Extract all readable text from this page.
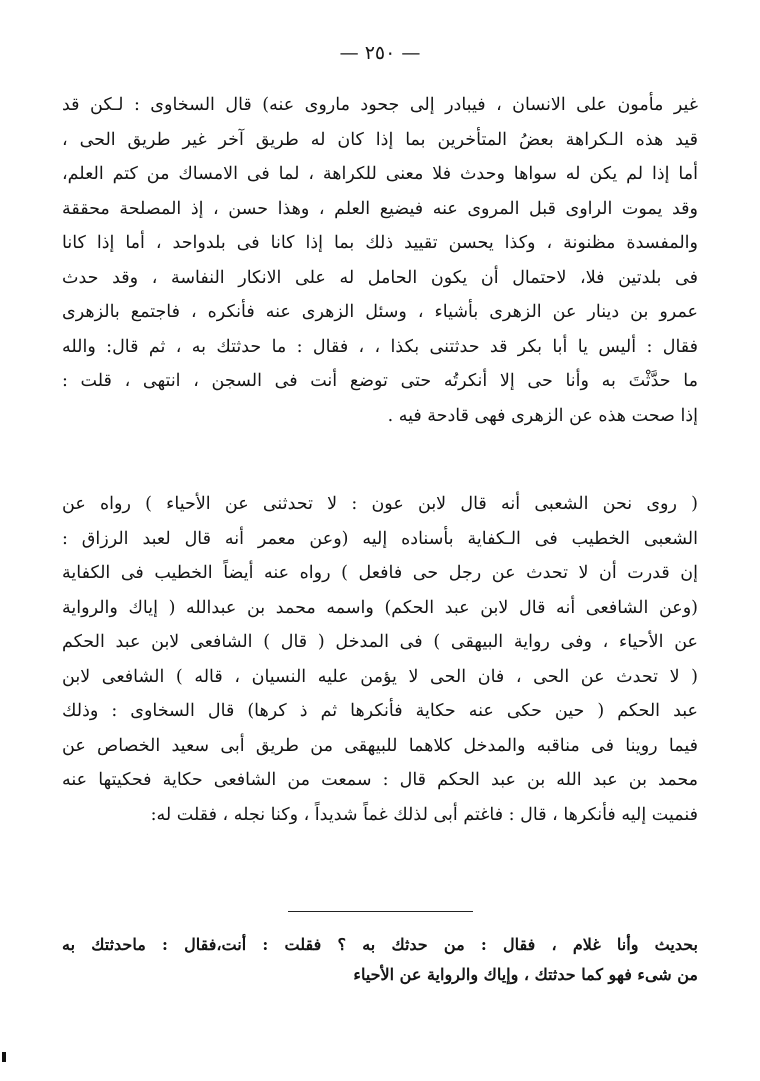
— ٢٥٠ —
غير مأمون على الانسان ، فيبادر إلى جحود ماروى عنه) قال السخاوى : لـكن قد
قيد هذه الـكراهة بعضُ المتأخرين بما إذا كان له طريق آخر غير طريق الحى ،
أما إذا لم يكن له سواها وحدث فلا معنى للكراهة ، لما فى الامساك من كتم العلم،
وقد يموت الراوى قبل المروى عنه فيضيع العلم ، وهذا حسن ، إذ المصلحة محققة
والمفسدة مظنونة ، وكذا يحسن تقييد ذلك بما إذا كانا فى بلدواحد ، أما إذا كانا
فى بلدتين فلا، لاحتمال أن يكون الحامل له على الانكار النفاسة ، وقد حدث
عمرو بن دينار عن الزهرى بأشياء ، وسئل الزهرى عنه فأنكره ، فاجتمع بالزهرى
فقال : أليس يا أبا بكر قد حدثتنى بكذا ، ، فقال : ما حدثتك به ، ثم قال: والله
ما حدَّثْتَ به وأنا حى إلا أنكرتُه حتى توضع أنت فى السجن ، انتهى ، قلت :
إذا صحت هذه عن الزهرى فهى قادحة فيه .
( روى نحن الشعبى أنه قال لابن عون : لا تحدثنى عن الأحياء ) رواه عن
الشعبى الخطيب فى الـكفاية بأسناده إليه (وعن معمر أنه قال لعبد الرزاق :
إن قدرت أن لا تحدث عن رجل حى فافعل ) رواه عنه أيضاً الخطيب فى الكفاية
(وعن الشافعى أنه قال لابن عبد الحكم) واسمه محمد بن عبدالله ( إياك والرواية
عن الأحياء ، وفى رواية البيهقى ) فى المدخل ( قال ) الشافعى لابن عبد الحكم
( لا تحدث عن الحى ، فان الحى لا يؤمن عليه النسيان ، قاله ) الشافعى لابن
عبد الحكم ( حين حكى عنه حكاية فأنكرها ثم ذ كرها) قال السخاوى : وذلك
فيما روينا فى مناقبه والمدخل كلاهما للبيهقى من طريق أبى سعيد الخصاص عن
محمد بن عبد الله بن عبد الحكم قال : سمعت من الشافعى حكاية فحكيتها عنه
فنميت إليه فأنكرها ، قال : فاغتم أبى لذلك غماً شديداً ، وكنا نجله ، فقلت له:
بحديث وأنا غلام ، فقال : من حدثك به ؟ فقلت : أنت،فقال : ماحدثتك به
من شىء فهو كما حدثتك ، وإياك والرواية عن الأحياء
